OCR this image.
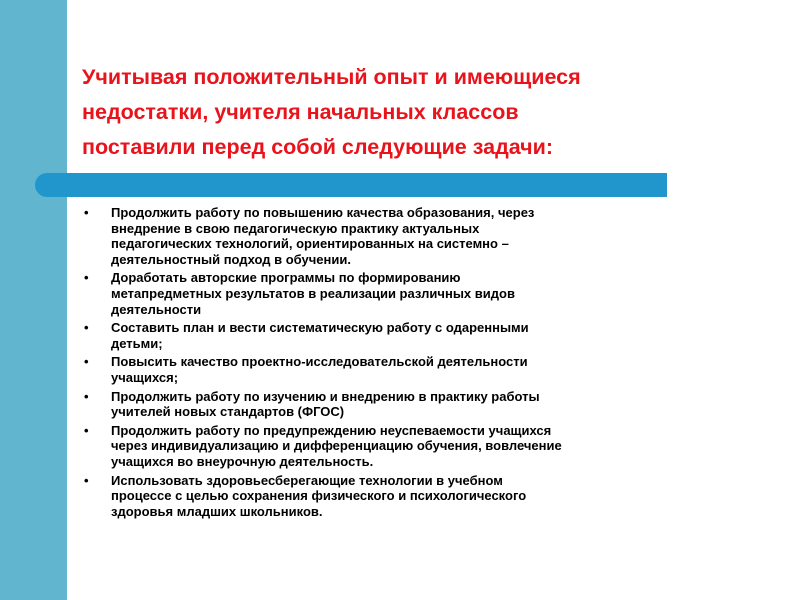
Учитывая положительный опыт и имеющиеся
недостатки, учителя начальных классов
поставили перед собой следующие задачи:
•	Продолжить работу по повышению качества образования, через
внедрение в свою педагогическую практику актуальных
педагогических технологий, ориентированных на системно –
деятельностный подход в обучении.
•	Доработать авторские программы по формированию
метапредметных результатов в реализации различных видов
деятельности
•	Составить план и вести систематическую работу с одаренными
детьми;
•	Повысить качество проектно-исследовательской деятельности
учащихся;
•	Продолжить работу по изучению и внедрению в практику работы
учителей новых стандартов (ФГОС)
•	Продолжить работу по предупреждению неуспеваемости учащихся
через индивидуализацию и дифференциацию обучения, вовлечение
учащихся во внеурочную деятельность.
•	Использовать здоровьесберегающие технологии в учебном
процессе с целью сохранения физического и психологического
здоровья младших школьников.
